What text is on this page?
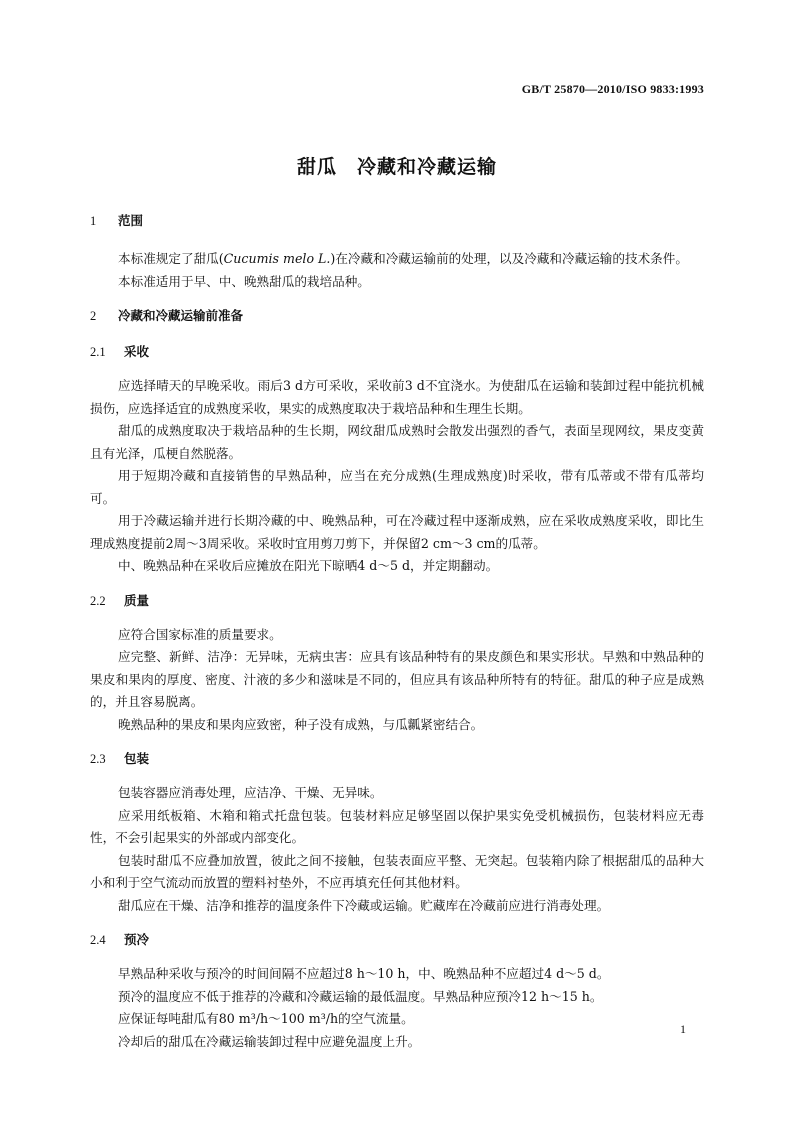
GB/T 25870—2010/ISO 9833:1993
甜瓜　冷藏和冷藏运输
1 范围

本标准规定了甜瓜(Cucumis melo L.)在冷藏和冷藏运输前的处理，以及冷藏和冷藏运输的技术条件。

本标准适用于早、中、晚熟甜瓜的栽培品种。

2 冷藏和冷藏运输前准备
2.1 采收

应选择晴天的早晚采收。雨后3 d方可采收，采收前3 d不宜浇水。为使甜瓜在运输和装卸过程中能抗机械损伤，应选择适宜的成熟度采收，果实的成熟度取决于栽培品种和生理生长期。

甜瓜的成熟度取决于栽培品种的生长期，网纹甜瓜成熟时会散发出强烈的香气，表面呈现网纹，果皮变黄且有光泽，瓜梗自然脱落。

用于短期冷藏和直接销售的早熟品种，应当在充分成熟(生理成熟度)时采收，带有瓜蒂或不带有瓜蒂均可。

用于冷藏运输并进行长期冷藏的中、晚熟品种，可在冷藏过程中逐渐成熟，应在采收成熟度采收，即比生理成熟度提前2周～3周采收。采收时宜用剪刀剪下，并保留2 cm～3 cm的瓜蒂。

中、晚熟品种在采收后应摊放在阳光下晾晒4 d～5 d，并定期翻动。

2.2 质量

应符合国家标准的质量要求。

应完整、新鲜、洁净：无异味，无病虫害：应具有该品种特有的果皮颜色和果实形状。早熟和中熟品种的果皮和果肉的厚度、密度、汁液的多少和滋味是不同的，但应具有该品种所特有的特征。甜瓜的种子应是成熟的，并且容易脱离。

晚熟品种的果皮和果肉应致密，种子没有成熟，与瓜瓤紧密结合。

2.3 包装

包装容器应消毒处理，应洁净、干燥、无异味。

应采用纸板箱、木箱和箱式托盘包装。包装材料应足够坚固以保护果实免受机械损伤，包装材料应无毒性，不会引起果实的外部或内部变化。

包装时甜瓜不应叠加放置，彼此之间不接触，包装表面应平整、无突起。包装箱内除了根据甜瓜的品种大小和利于空气流动而放置的塑料衬垫外，不应再填充任何其他材料。

甜瓜应在干燥、洁净和推荐的温度条件下冷藏或运输。贮藏库在冷藏前应进行消毒处理。

2.4 预冷

早熟品种采收与预冷的时间间隔不应超过8 h～10 h，中、晚熟品种不应超过4 d～5 d。

预冷的温度应不低于推荐的冷藏和冷藏运输的最低温度。早熟品种应预冷12 h～15 h。

应保证每吨甜瓜有80 m³/h～100 m³/h的空气流量。

冷却后的甜瓜在冷藏运输装卸过程中应避免温度上升。

1
